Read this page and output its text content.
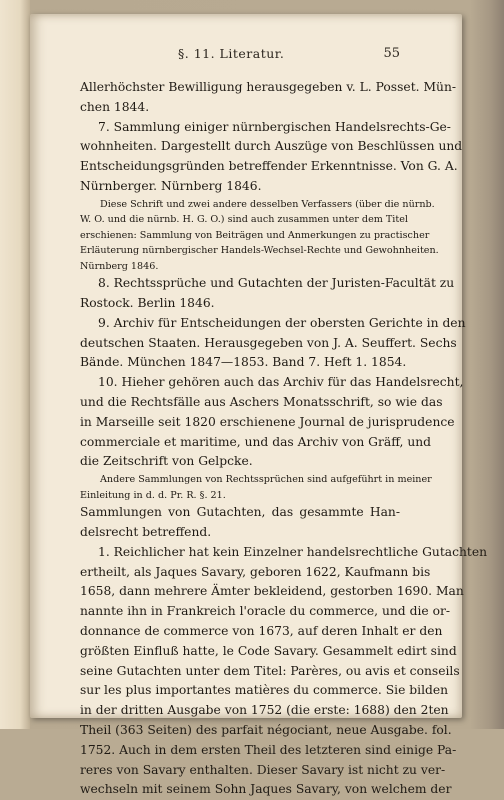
§. 11. Literatur.	55
Allerhöchster Bewilligung herausgegeben v. L. Posset. Mün-
chen 1844.
7. Sammlung einiger nürnbergischen Handelsrechts-Ge-
wohnheiten. Dargestellt durch Auszüge von Beschlüssen und
Entscheidungsgründen betreffender Erkenntnisse. Von G. A.
Nürnberger. Nürnberg 1846.
Diese Schrift und zwei andere desselben Verfassers (über die nürnb.
W. O. und die nürnb. H. G. O.) sind auch zusammen unter dem Titel
erschienen: Sammlung von Beiträgen und Anmerkungen zu practischer
Erläuterung nürnbergischer Handels-Wechsel-Rechte und Gewohnheiten.
Nürnberg 1846.
8. Rechtssprüche und Gutachten der Juristen-Facultät zu
Rostock. Berlin 1846.
9. Archiv für Entscheidungen der obersten Gerichte in den
deutschen Staaten. Herausgegeben von J. A. Seuffert. Sechs
Bände. München 1847—1853. Band 7. Heft 1. 1854.
10. Hieher gehören auch das Archiv für das Handelsrecht,
und die Rechtsfälle aus Aschers Monatsschrift, so wie das
in Marseille seit 1820 erschienene Journal de jurisprudence
commerciale et maritime, und das Archiv von Gräff, und
die Zeitschrift von Gelpcke.
Andere Sammlungen von Rechtssprüchen sind aufgeführt in meiner
Einleitung in d. d. Pr. R. §. 21.
Sammlungen von Gutachten, das gesammte Han-
delsrecht betreffend.
1. Reichlicher hat kein Einzelner handelsrechtliche Gutachten
ertheilt, als Jaques Savary, geboren 1622, Kaufmann bis
1658, dann mehrere Ämter bekleidend, gestorben 1690. Man
nannte ihn in Frankreich l'oracle du commerce, und die or-
donnance de commerce von 1673, auf deren Inhalt er den
größten Einfluß hatte, le Code Savary. Gesammelt edirt sind
seine Gutachten unter dem Titel: Parères, ou avis et conseils
sur les plus importantes matières du commerce. Sie bilden
in der dritten Ausgabe von 1752 (die erste: 1688) den 2ten
Theil (363 Seiten) des parfait négociant, neue Ausgabe. fol.
1752. Auch in dem ersten Theil des letzteren sind einige Pa-
reres von Savary enthalten. Dieser Savary ist nicht zu ver-
wechseln mit seinem Sohn Jaques Savary, von welchem der
